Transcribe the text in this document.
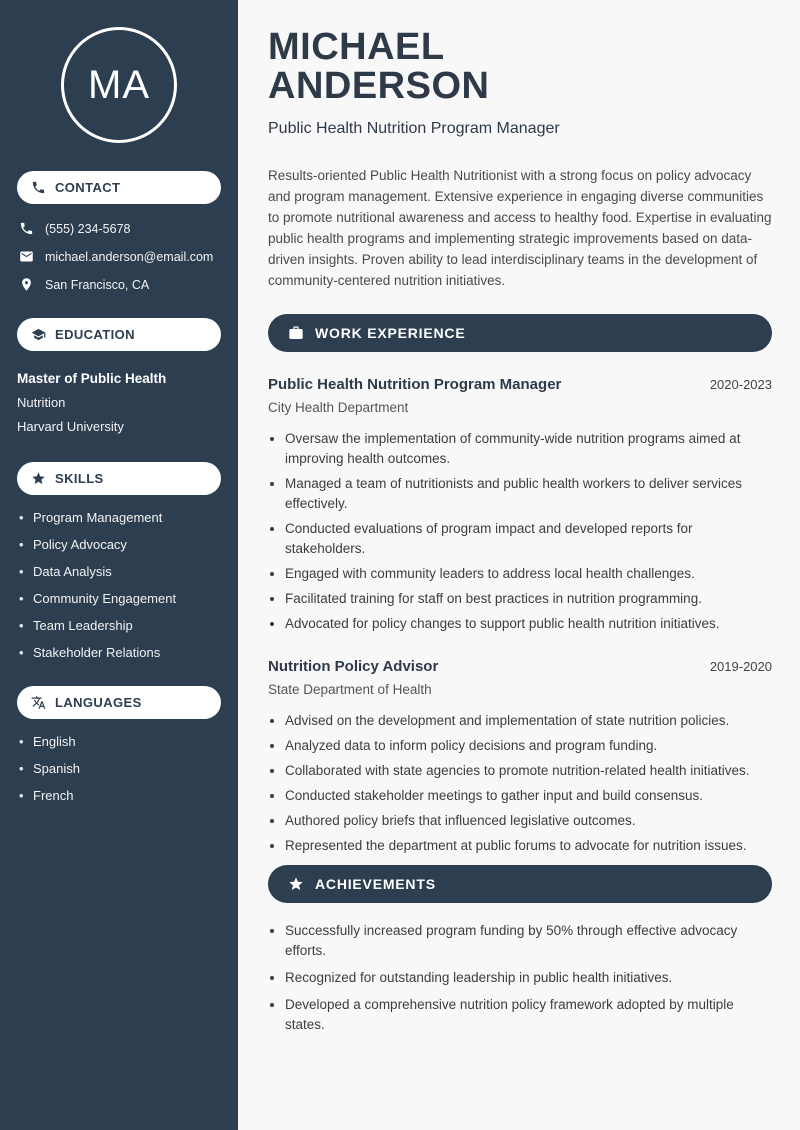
MA
CONTACT
(555) 234-5678
michael.anderson@email.com
San Francisco, CA
EDUCATION
Master of Public Health
Nutrition
Harvard University
SKILLS
• Program Management
• Policy Advocacy
• Data Analysis
• Community Engagement
• Team Leadership
• Stakeholder Relations
LANGUAGES
• English
• Spanish
• French
MICHAEL
ANDERSON
Public Health Nutrition Program Manager

Results-oriented Public Health Nutritionist with a strong focus on policy advocacy and program management. Extensive experience in engaging diverse communities to promote nutritional awareness and access to healthy food. Expertise in evaluating public health programs and implementing strategic improvements based on data-driven insights. Proven ability to lead interdisciplinary teams in the development of community-centered nutrition initiatives.

WORK EXPERIENCE
Public Health Nutrition Program Manager	2020-2023
City Health Department
• Oversaw the implementation of community-wide nutrition programs aimed at improving health outcomes.
• Managed a team of nutritionists and public health workers to deliver services effectively.
• Conducted evaluations of program impact and developed reports for stakeholders.
• Engaged with community leaders to address local health challenges.
• Facilitated training for staff on best practices in nutrition programming.
• Advocated for policy changes to support public health nutrition initiatives.
Nutrition Policy Advisor	2019-2020
State Department of Health
• Advised on the development and implementation of state nutrition policies.
• Analyzed data to inform policy decisions and program funding.
• Collaborated with state agencies to promote nutrition-related health initiatives.
• Conducted stakeholder meetings to gather input and build consensus.
• Authored policy briefs that influenced legislative outcomes.
• Represented the department at public forums to advocate for nutrition issues.
ACHIEVEMENTS
• Successfully increased program funding by 50% through effective advocacy efforts.
• Recognized for outstanding leadership in public health initiatives.
• Developed a comprehensive nutrition policy framework adopted by multiple states.
